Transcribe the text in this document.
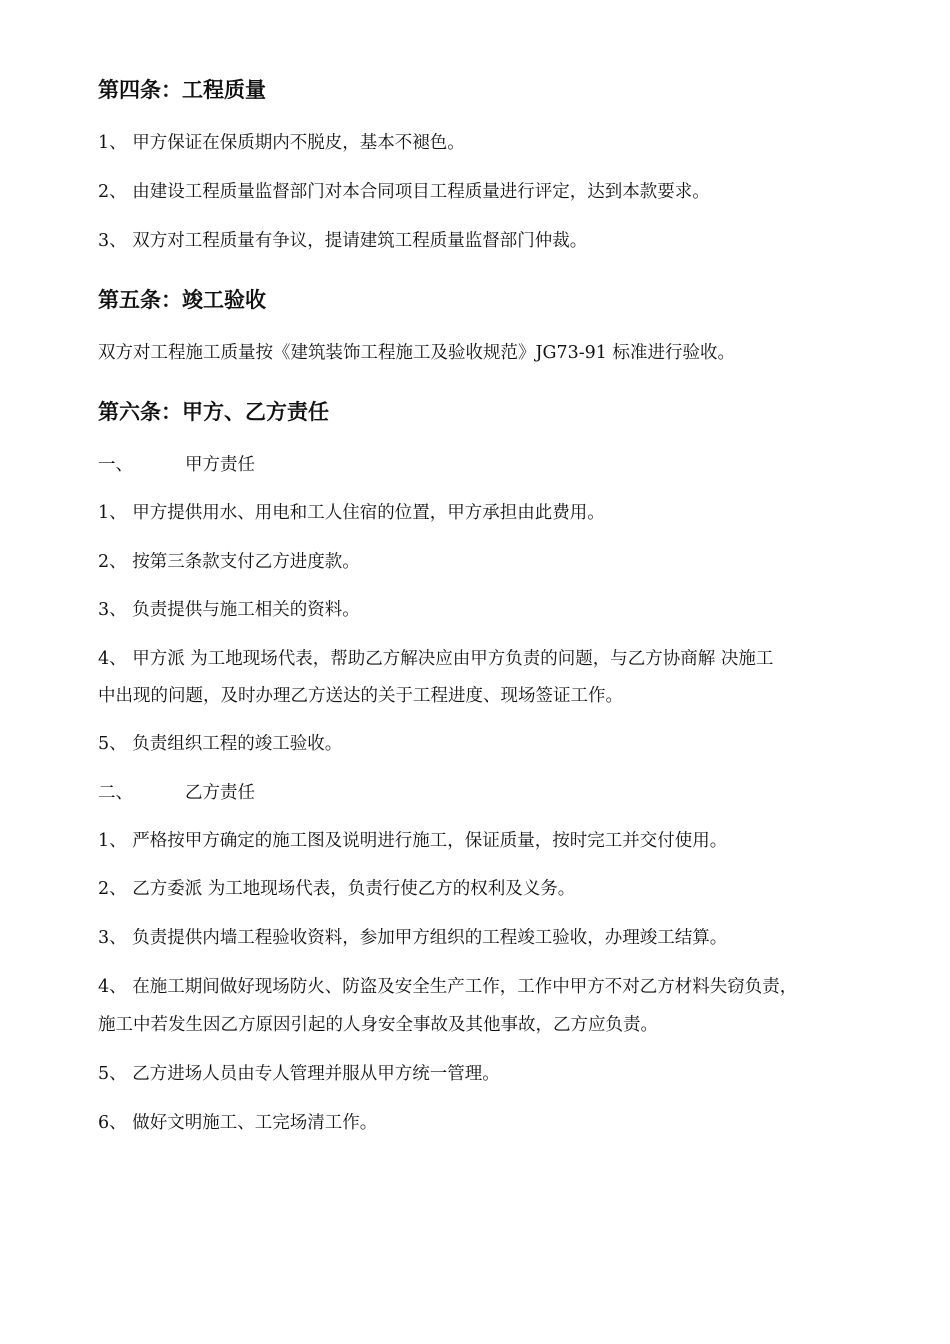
第四条：工程质量
1、 甲方保证在保质期内不脱皮，基本不褪色。
2、 由建设工程质量监督部门对本合同项目工程质量进行评定，达到本款要求。
3、 双方对工程质量有争议，提请建筑工程质量监督部门仲裁。
第五条：竣工验收
双方对工程施工质量按《建筑装饰工程施工及验收规范》JG73-91 标准进行验收。
第六条：甲方、乙方责任
一、	甲方责任
1、 甲方提供用水、用电和工人住宿的位置，甲方承担由此费用。
2、 按第三条款支付乙方进度款。
3、 负责提供与施工相关的资料。
4、 甲方派 为工地现场代表，帮助乙方解决应由甲方负责的问题，与乙方协商解 决施工
中出现的问题，及时办理乙方送达的关于工程进度、现场签证工作。
5、 负责组织工程的竣工验收。
二、	乙方责任
1、 严格按甲方确定的施工图及说明进行施工，保证质量，按时完工并交付使用。
2、 乙方委派 为工地现场代表，负责行使乙方的权利及义务。
3、 负责提供内墙工程验收资料，参加甲方组织的工程竣工验收，办理竣工结算。
4、 在施工期间做好现场防火、防盗及安全生产工作，工作中甲方不对乙方材料失窃负责，
施工中若发生因乙方原因引起的人身安全事故及其他事故，乙方应负责。
5、 乙方进场人员由专人管理并服从甲方统一管理。
6、 做好文明施工、工完场清工作。
